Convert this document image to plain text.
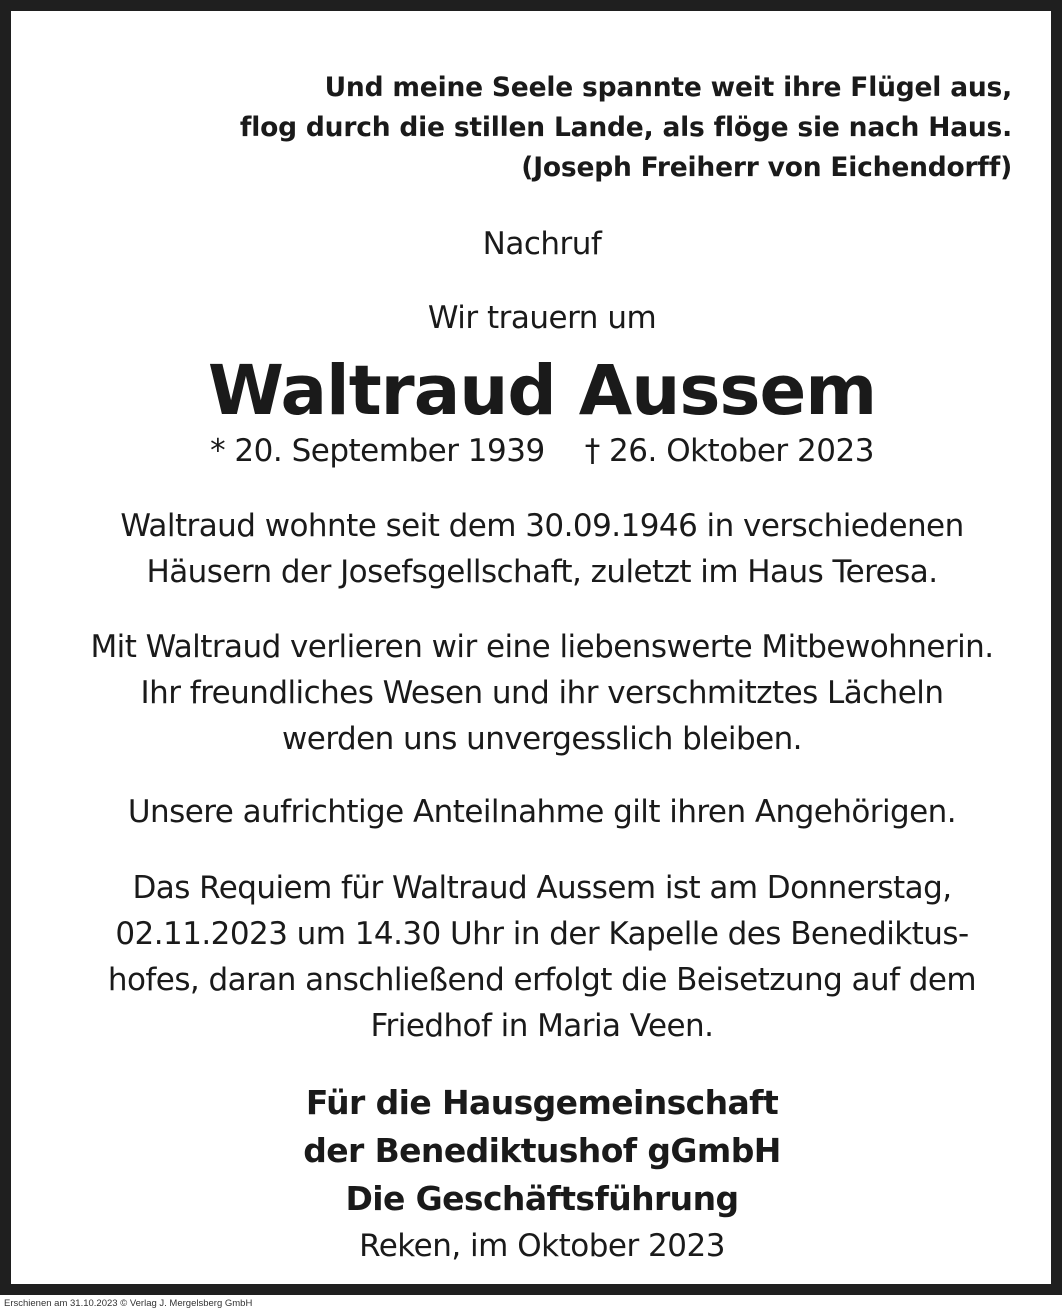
Und meine Seele spannte weit ihre Flügel aus,
flog durch die stillen Lande, als flöge sie nach Haus.
(Joseph Freiherr von Eichendorff)
Nachruf
Wir trauern um
Waltraud Aussem
* 20. September 1939 † 26. Oktober 2023
Waltraud wohnte seit dem 30.09.1946 in verschiedenen
Häusern der Josefsgellschaft, zuletzt im Haus Teresa.
Mit Waltraud verlieren wir eine liebenswerte Mitbewohnerin.
Ihr freundliches Wesen und ihr verschmitztes Lächeln
werden uns unvergesslich bleiben.
Unsere aufrichtige Anteilnahme gilt ihren Angehörigen.
Das Requiem für Waltraud Aussem ist am Donnerstag,
02.11.2023 um 14.30 Uhr in der Kapelle des Benediktus-
hofes, daran anschließend erfolgt die Beisetzung auf dem
Friedhof in Maria Veen.
Für die Hausgemeinschaft
der Benediktushof gGmbH
Die Geschäftsführung
Reken, im Oktober 2023
Erschienen am 31.10.2023 © Verlag J. Mergelsberg GmbH
